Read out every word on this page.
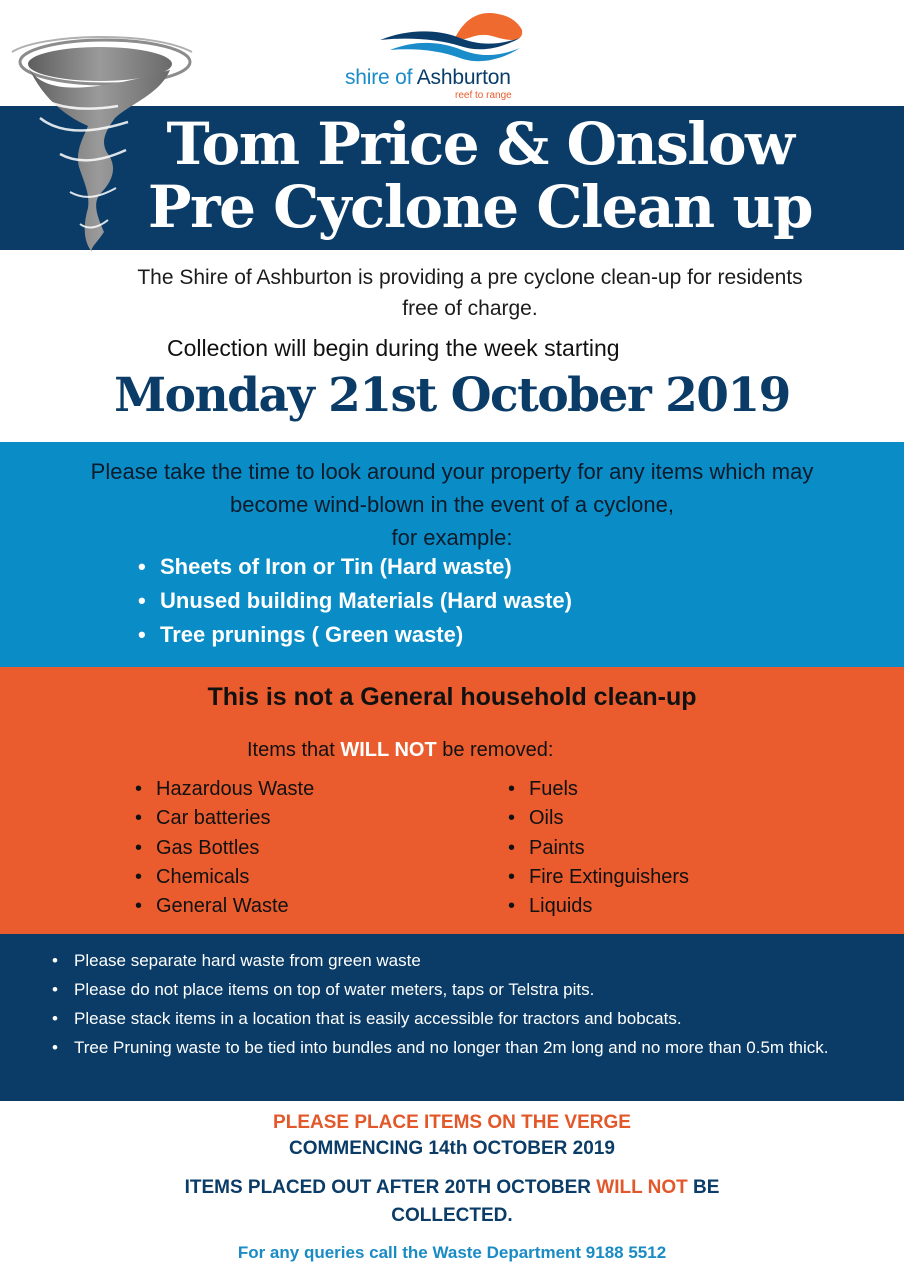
shire of Ashburton
reef to range
Tom Price & Onslow
Pre Cyclone Clean up
The Shire of Ashburton is providing a pre cyclone clean-up for residents free of charge.
Collection will begin during the week starting
Monday 21st October 2019
Please take the time to look around your property for any items which may
become wind-blown in the event of a cyclone,
for example:
• Sheets of Iron or Tin (Hard waste)
• Unused building Materials (Hard waste)
• Tree prunings ( Green waste)
This is not a General household clean-up
Items that WILL NOT be removed:
• Hazardous Waste
• Car batteries
• Gas Bottles
• Chemicals
• General Waste
• Fuels
• Oils
• Paints
• Fire Extinguishers
• Liquids
• Please separate hard waste from green waste
• Please do not place items on top of water meters, taps or Telstra pits.
• Please stack items in a location that is easily accessible for tractors and bobcats.
• Tree Pruning waste to be tied into bundles and no longer than 2m long and no more than 0.5m thick.
PLEASE PLACE ITEMS ON THE VERGE
COMMENCING 14th OCTOBER 2019
ITEMS PLACED OUT AFTER 20TH OCTOBER WILL NOT BE COLLECTED.
For any queries call the Waste Department 9188 5512
